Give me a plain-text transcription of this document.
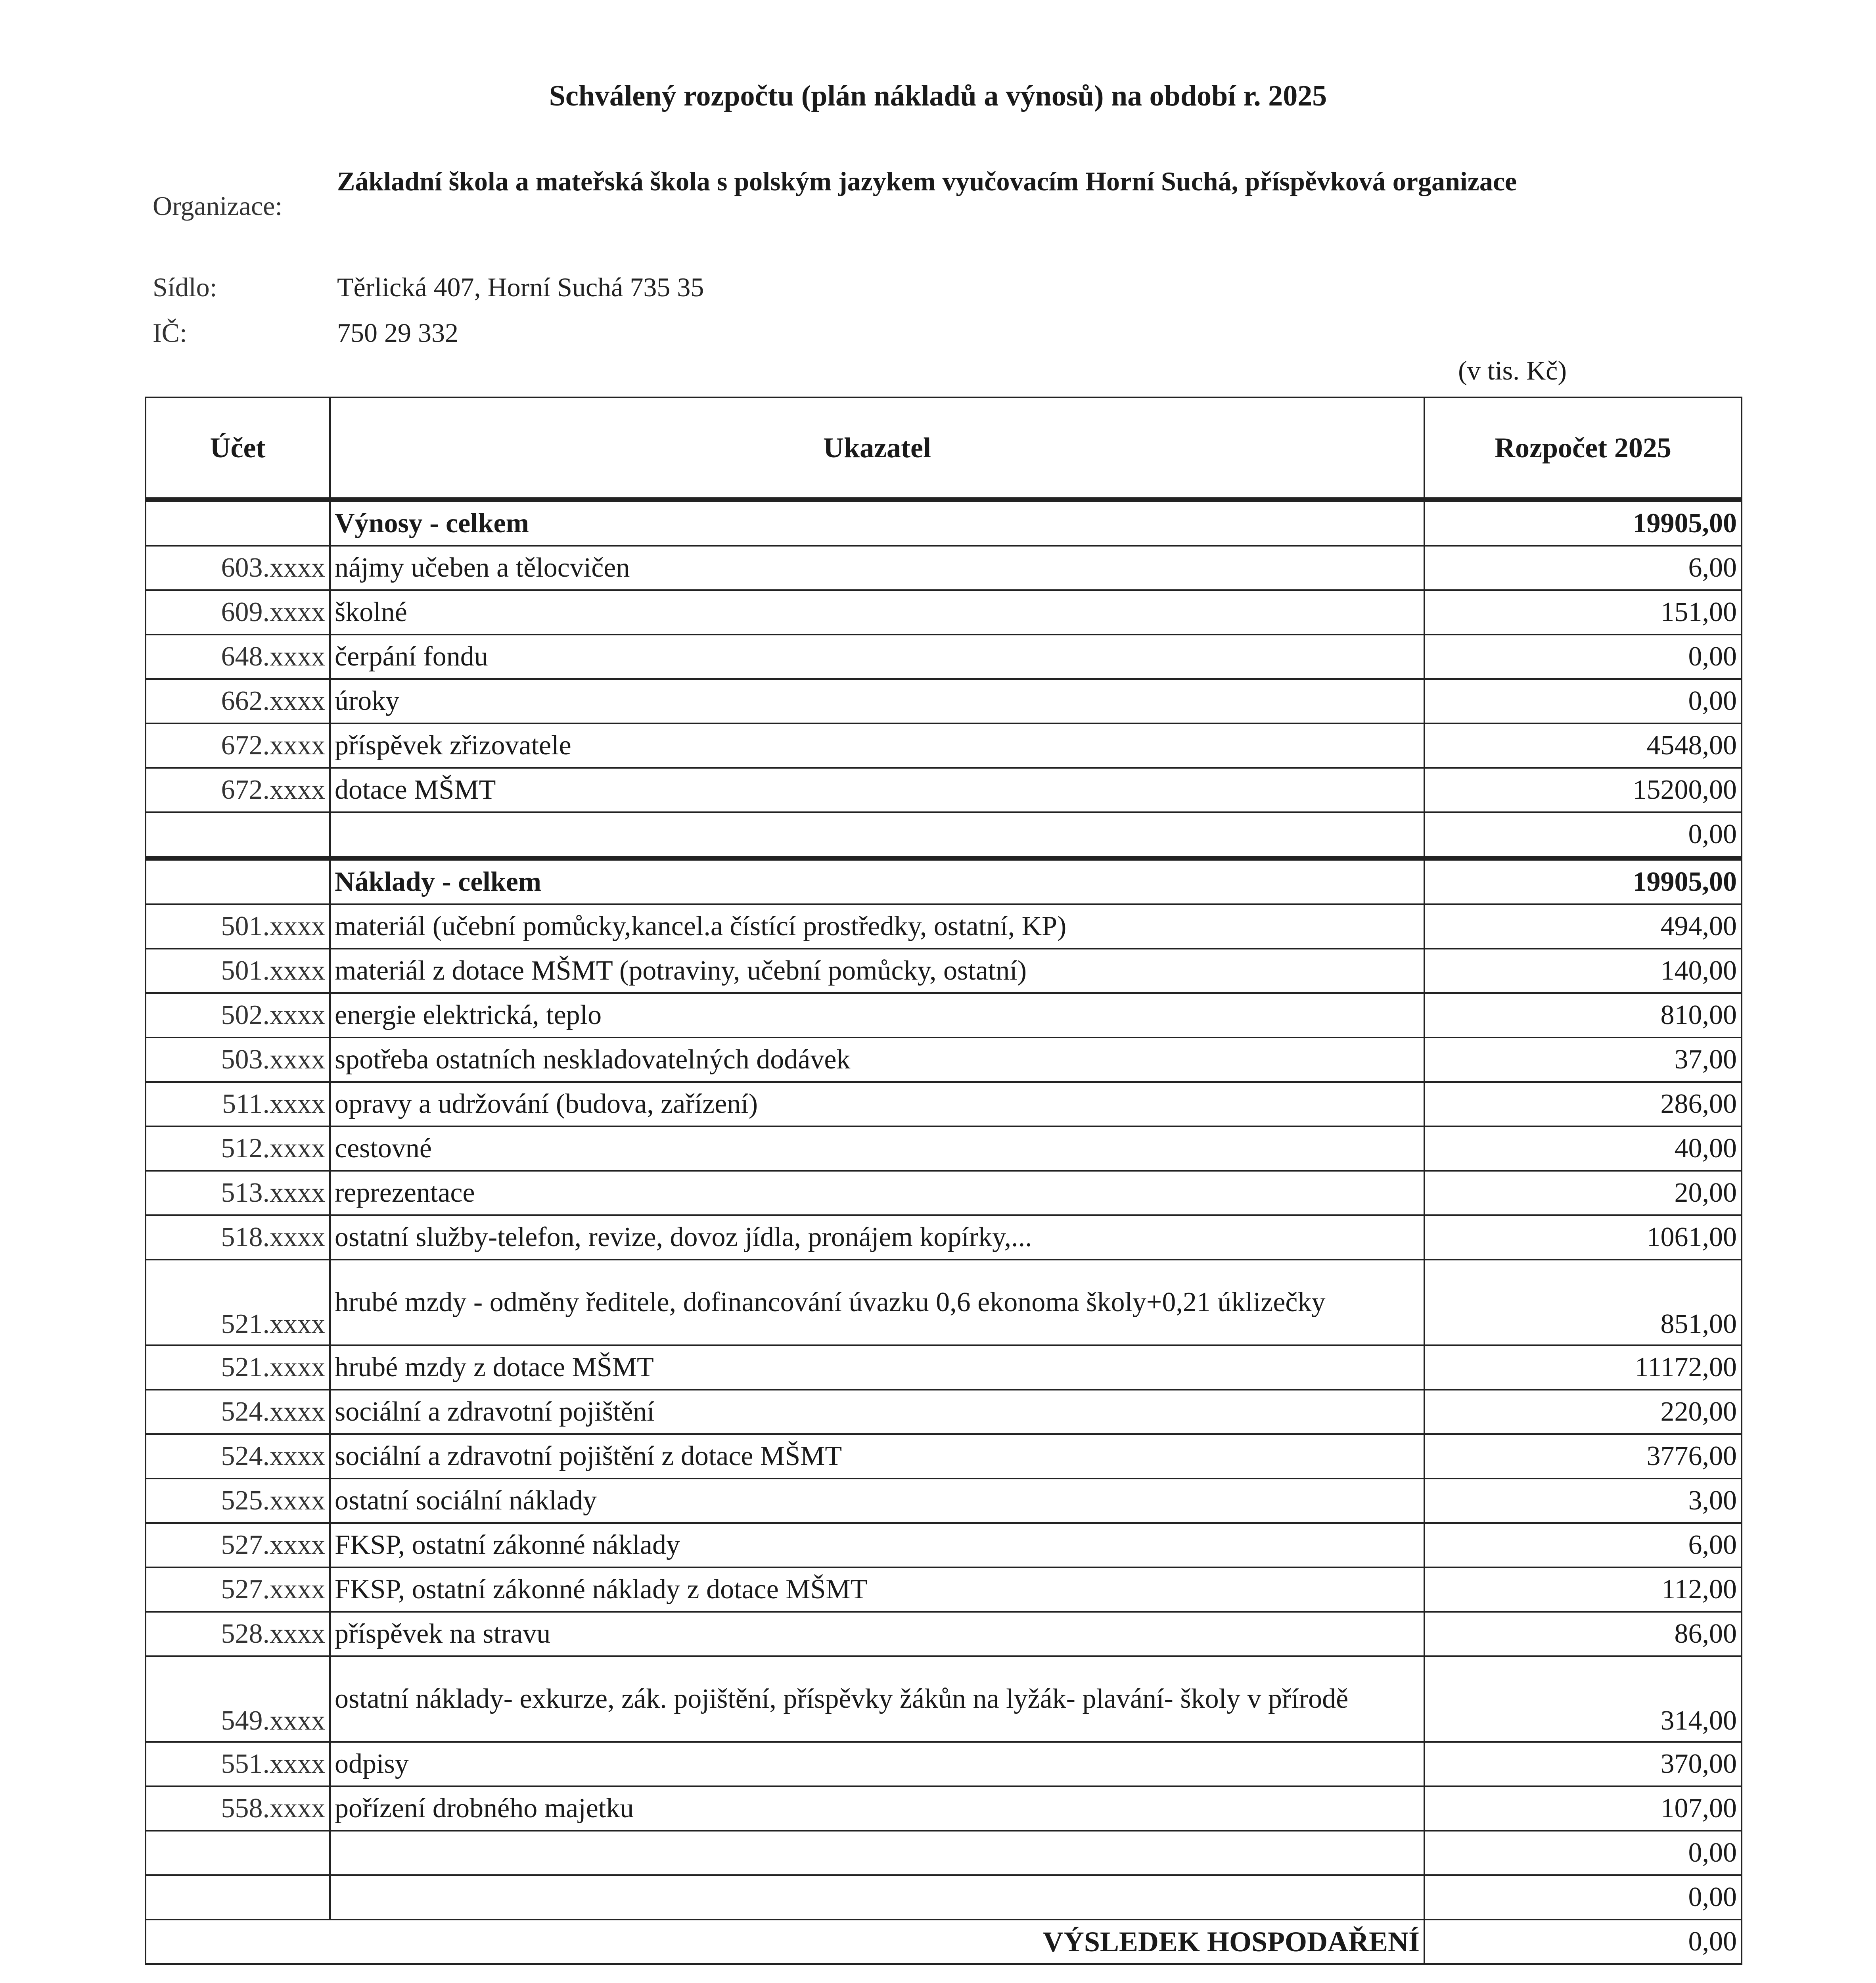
Schválený rozpočtu (plán nákladů a výnosů) na období r. 2025
Organizace:
Základní škola a mateřská škola s polským jazykem vyučovacím Horní Suchá, příspěvková organizace
Sídlo:	Těrlická 407, Horní Suchá 735 35
IČ:	750 29 332
(v tis. Kč)
Účet	Ukazatel	Rozpočet 2025
	Výnosy - celkem	19905,00
603.xxxx	nájmy učeben a tělocvičen	6,00
609.xxxx	školné	151,00
648.xxxx	čerpání fondu	0,00
662.xxxx	úroky	0,00
672.xxxx	příspěvek zřizovatele	4548,00
672.xxxx	dotace MŠMT	15200,00
		0,00
	Náklady - celkem	19905,00
501.xxxx	materiál (učební pomůcky,kancel.a čístící prostředky, ostatní, KP)	494,00
501.xxxx	materiál z dotace MŠMT (potraviny, učební pomůcky, ostatní)	140,00
502.xxxx	energie elektrická, teplo	810,00
503.xxxx	spotřeba ostatních neskladovatelných dodávek	37,00
511.xxxx	opravy a udržování (budova, zařízení)	286,00
512.xxxx	cestovné	40,00
513.xxxx	reprezentace	20,00
518.xxxx	ostatní služby-telefon, revize, dovoz jídla, pronájem kopírky,...	1061,00
521.xxxx	hrubé mzdy - odměny ředitele, dofinancování úvazku 0,6 ekonoma školy+0,21 úklizečky	851,00
521.xxxx	hrubé mzdy z dotace MŠMT	11172,00
524.xxxx	sociální a zdravotní pojištění	220,00
524.xxxx	sociální a zdravotní pojištění z dotace MŠMT	3776,00
525.xxxx	ostatní sociální náklady	3,00
527.xxxx	FKSP, ostatní zákonné náklady	6,00
527.xxxx	FKSP, ostatní zákonné náklady z dotace MŠMT	112,00
528.xxxx	příspěvek na stravu	86,00
549.xxxx	ostatní náklady- exkurze, zák. pojištění, příspěvky žákůn na lyžák- plavání- školy v přírodě	314,00
551.xxxx	odpisy	370,00
558.xxxx	pořízení drobného majetku	107,00
		0,00
		0,00
VÝSLEDEK HOSPODAŘENÍ		0,00
